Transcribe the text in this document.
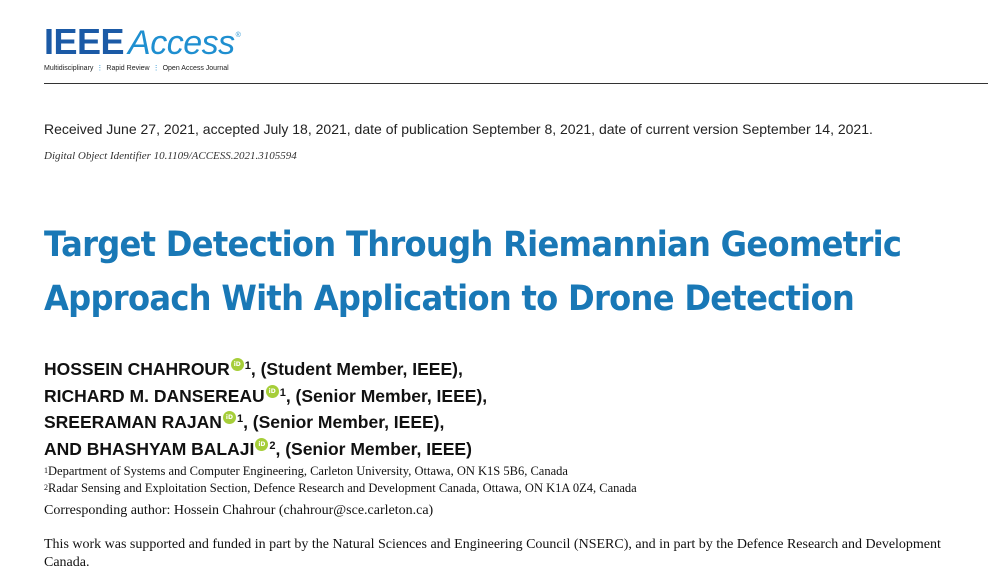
IEEE Access®
Multidisciplinary ⋮ Rapid Review ⋮ Open Access Journal
Received June 27, 2021, accepted July 18, 2021, date of publication September 8, 2021, date of current version September 14, 2021.
Digital Object Identifier 10.1109/ACCESS.2021.3105594
Target Detection Through Riemannian Geometric
Approach With Application to Drone Detection
HOSSEIN CHAHROUR iD $^1$, (Student Member, IEEE),
RICHARD M. DANSEREAU iD $^1$, (Senior Member, IEEE),
SREERAMAN RAJAN iD $^1$, (Senior Member, IEEE),
AND BHASHYAM BALAJI iD $^2$, (Senior Member, IEEE)
$^1$Department of Systems and Computer Engineering, Carleton University, Ottawa, ON K1S 5B6, Canada
$^2$Radar Sensing and Exploitation Section, Defence Research and Development Canada, Ottawa, ON K1A 0Z4, Canada
Corresponding author: Hossein Chahrour (chahrour@sce.carleton.ca)
This work was supported and funded in part by the Natural Sciences and Engineering Council (NSERC), and in part by the Defence Research and Development Canada.
